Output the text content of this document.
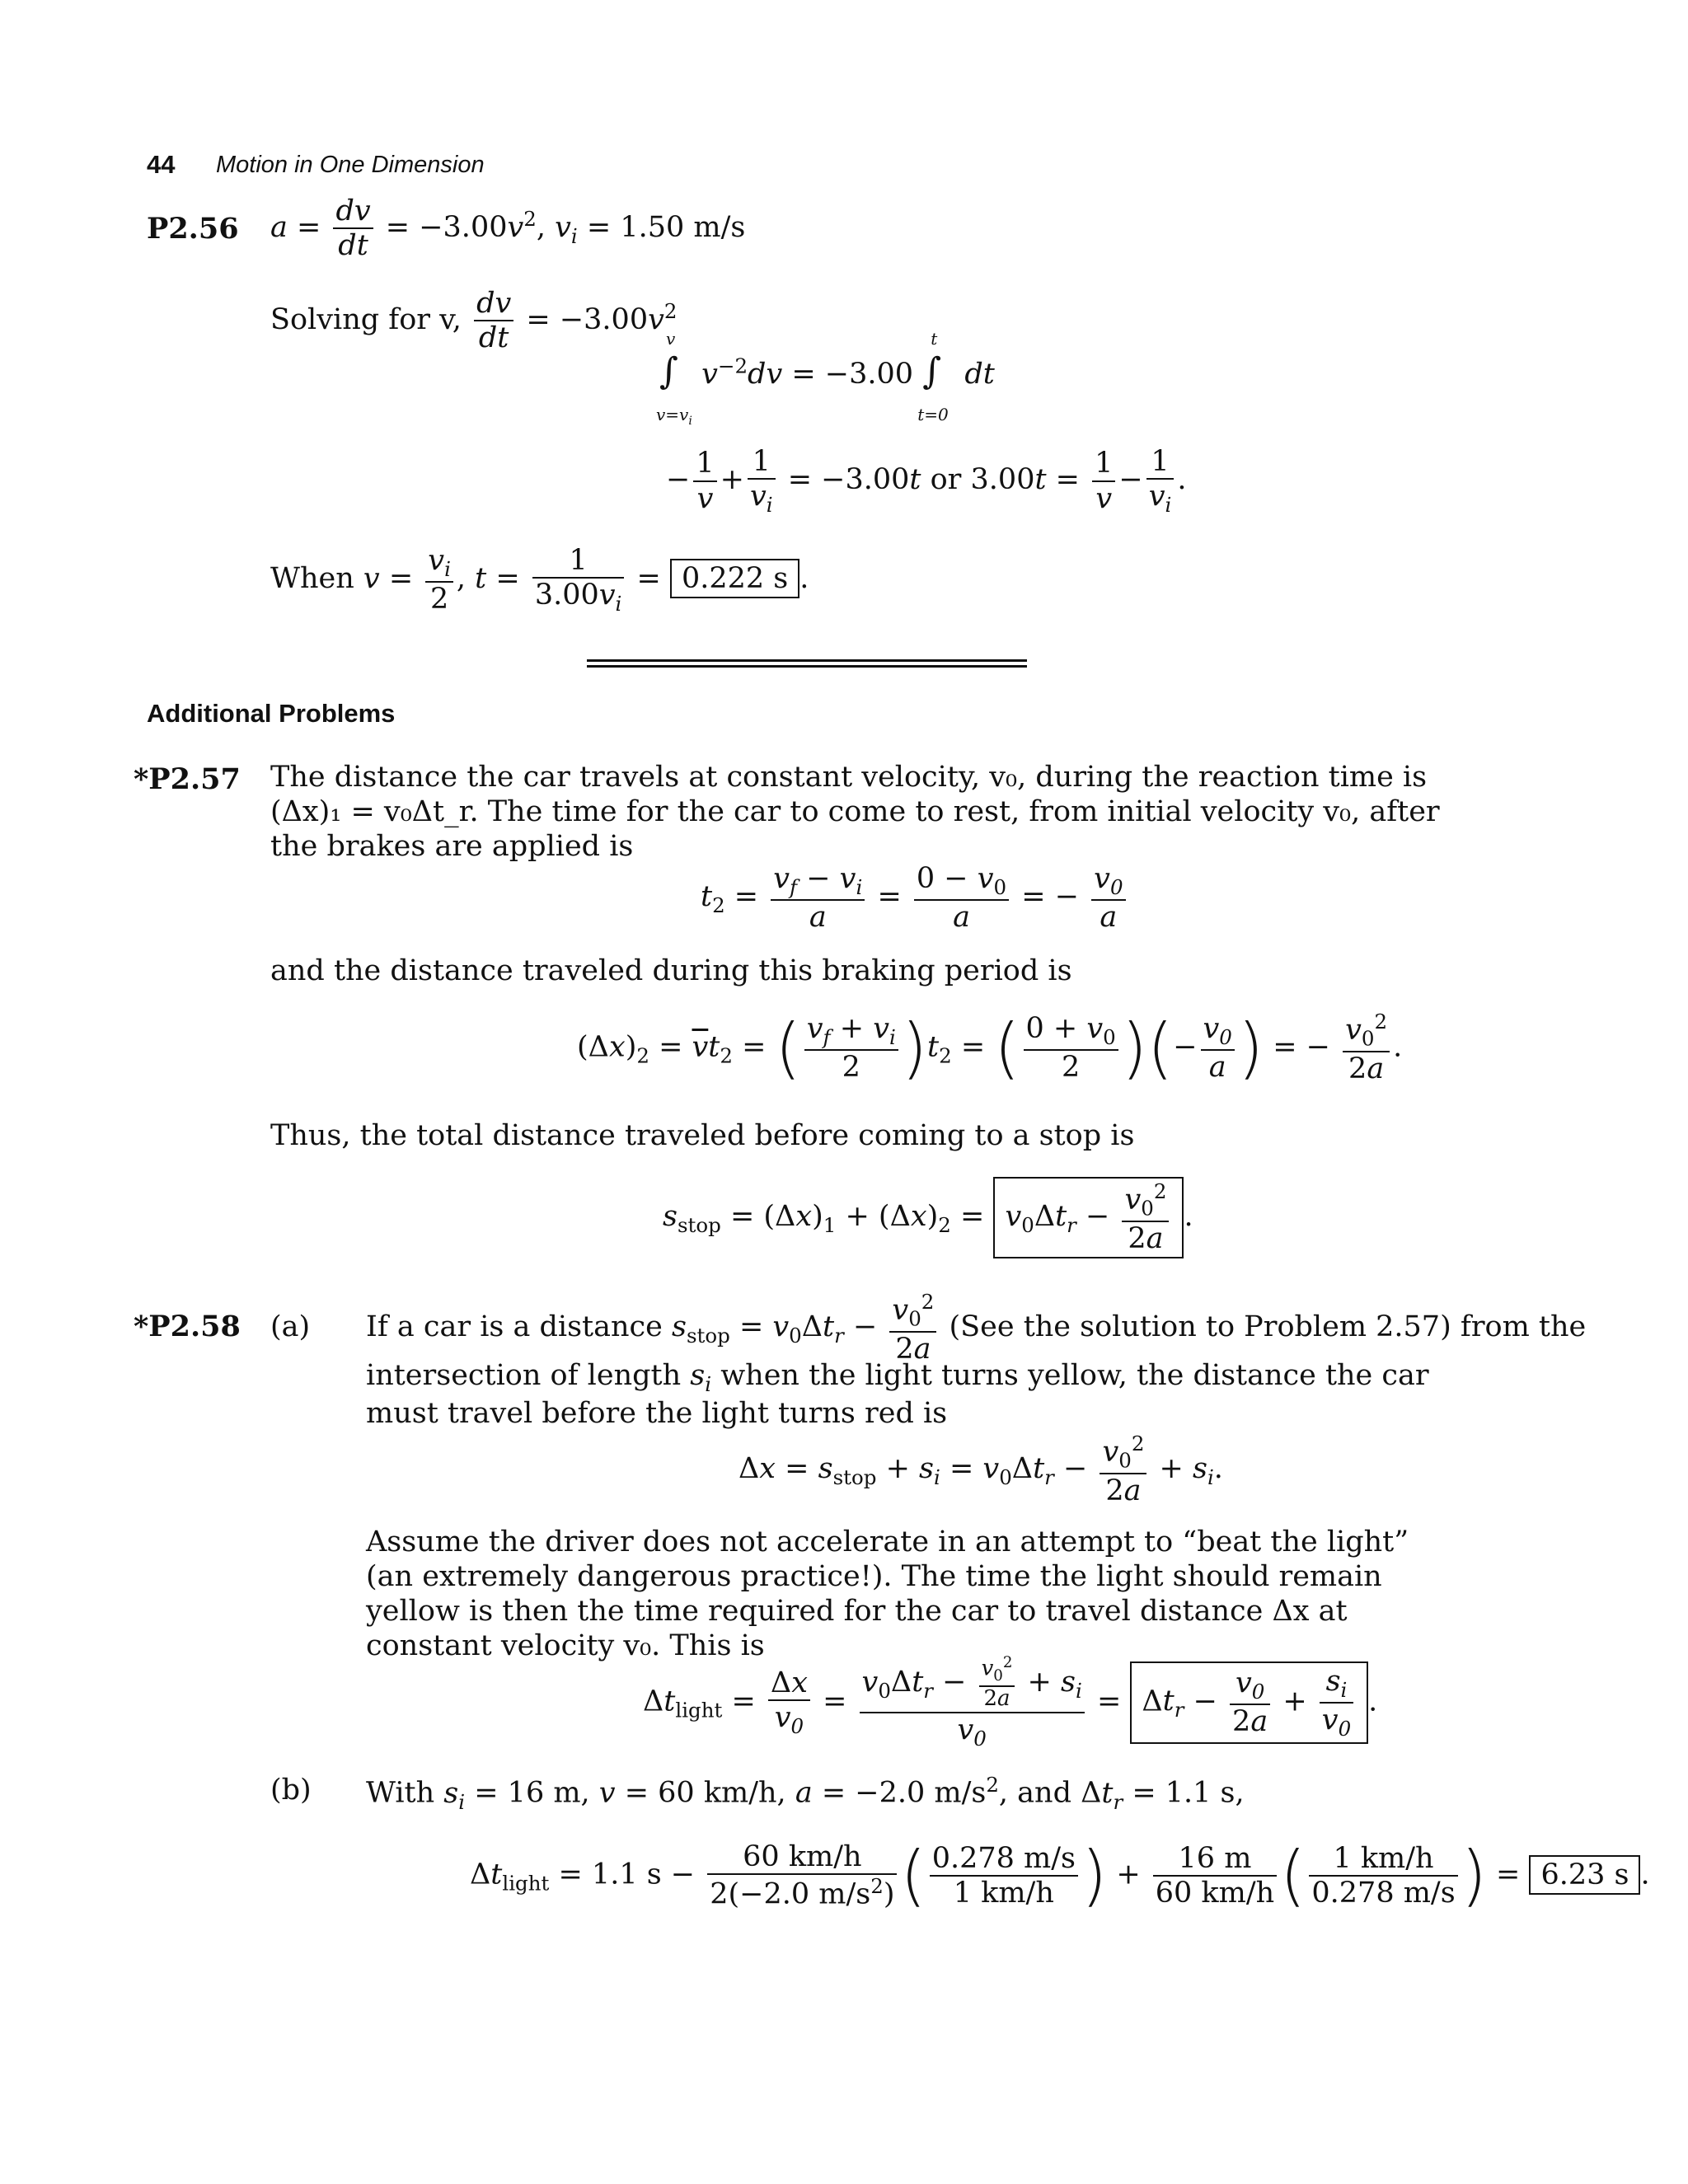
44 Motion in One Dimension
P2.56 $a = \frac{dv}{dt} = -3.00v^2$, $v_i = 1.50$ m/s
Solving for v, $\frac{dv}{dt} = -3.00v^2$
v
∫
$v=v_i$
$v^{-2}dv = -3.00$
t
∫
t=0
dt
− $\frac{1}{v} + \frac{1}{v_i} = -3.00t$ or $3.00t = \frac{1}{v} - \frac{1}{v_i}$ .
When $v = \frac{v_i}{2}$ , $t = \frac{1}{3.00v_i} = 0.222$ s .
Additional Problems
*P2.57 The distance the car travels at constant velocity, v₀, during the reaction time is (Δx)₁ = v₀Δt_r. The time for the car to come to rest, from initial velocity v₀, after the brakes are applied is
$t_2 = \frac{v_f - v_i}{a} = \frac{0 - v_0}{a}$ = − $\frac{v_0}{a}$
and the distance traveled during this braking period is
$(\Delta x)_2 = \overline{v}t_2$ = ( $\frac{v_f + v_i}{2} )t_2$ = ( $\frac{0 + v_0}{2}$ )(− $\frac{v_0}{a}$ ) = − $\frac{v_0^2}{2a}$ .
Thus, the total distance traveled before coming to a stop is
$s_{stop} = (\Delta x)_1 + (\Delta x)_2 = v_0\Delta t_r - \frac{v_0^2}{2a}$ .
*P2.58 (a) If a car is a distance $s_{stop} = v_0\Delta t_r - \frac{v_0^2}{2a} (See$ the solution to Problem 2.57) from the
intersection of length $s_i$ when the light turns yellow, the distance the car must travel before the light turns red is
$\Delta x = s_{stop} + s_i = v_0\Delta t_r - \frac{v_0^2}{2a} + s_i$.
Assume the driver does not accelerate in an attempt to “beat the light” (an extremely dangerous practice!). The time the light should remain yellow is then the time required for the car to travel distance Δx at constant velocity v₀. This is
$\Delta t_{light} = \frac{\Delta x}{v_0} = \frac{v_0\Delta t_r - \frac{v_0^2}{2a} + s_i}{v_0} = \Delta t_r - \frac{v_0}{2a} + \frac{s_i}{v_0}$ .
(b) With $s_i = 16$ m, v = 60 km/h, a = −2.0 $m/s^2$, and $\Delta t_r = 1.1$ s,
$\Delta t_{light} = 1.1$ $s - \frac{60 km/h}{2(-2.0 m/s^2)}$ ( $\frac{0.278 m/s}{1 km/h}$ ) + $\frac{16 m}{60 km/h}$ ( $\frac{1 km/h}{0.278 m/s}$ ) = 6.23 s .
